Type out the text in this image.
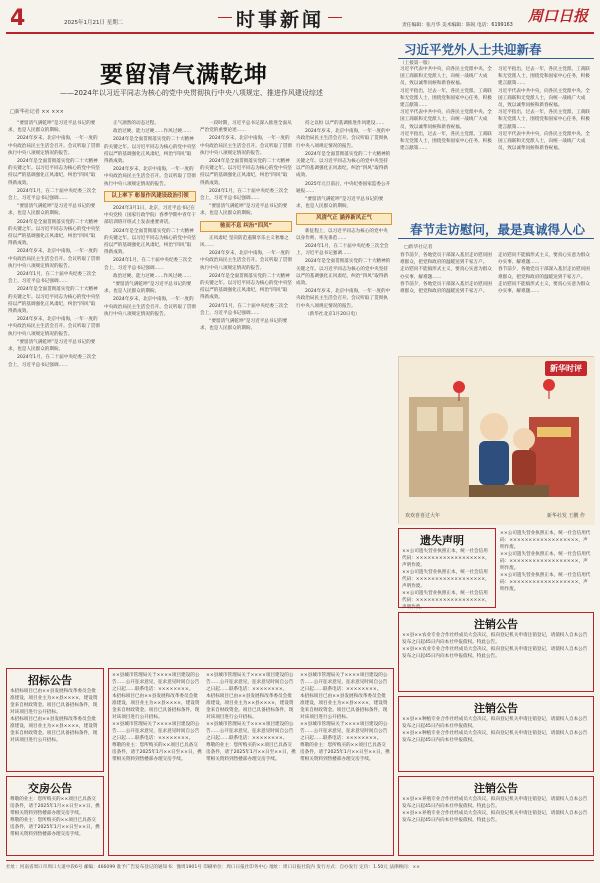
4	2025年1月21日 星期二	时事新闻	责任编辑：张月华 美术编辑：陈锐 电话：6199163
周口日报
要留清气满乾坤
——2024年以习近平同志为核心的党中央贯彻执行中央八项规定、推进作风建设综述
□新华社记者 ×× ×××

“要留清气满乾坤”是习近平总书记的要求，也是人民群众的期盼。

2024年岁末，北京中南海，一年一度的中央政治局民主生活会召开。会议听取了贯彻执行中央八项规定情况的报告。

2024年是全面贯彻落实党的二十大精神的关键之年。以习近平同志为核心的党中央坚持以严的基调强化正风肃纪，纠治“四风”取得新成效。

2024年1月，在二十届中央纪委三次全会上，习近平总书记强调……

“要留清气满乾坤”是习近平总书记的要求，也是人民群众的期盼。

2024年是全面贯彻落实党的二十大精神的关键之年。以习近平同志为核心的党中央坚持以严的基调强化正风肃纪，纠治“四风”取得新成效。

2024年岁末，北京中南海，一年一度的中央政治局民主生活会召开。会议听取了贯彻执行中央八项规定情况的报告。

2024年1月，在二十届中央纪委三次全会上，习近平总书记强调……

2024年是全面贯彻落实党的二十大精神的关键之年。以习近平同志为核心的党中央坚持以严的基调强化正风肃纪，纠治“四风”取得新成效。

2024年岁末，北京中南海，一年一度的中央政治局民主生活会召开。会议听取了贯彻执行中央八项规定情况的报告。

“要留清气满乾坤”是习近平总书记的要求，也是人民群众的期盼。

2024年1月，在二十届中央纪委三次全会上，习近平总书记强调……

正气凛然的动态过程。

政治过硬、能力过硬……作风过硬……

2024年是全面贯彻落实党的二十大精神的关键之年。以习近平同志为核心的党中央坚持以严的基调强化正风肃纪，纠治“四风”取得新成效。

2024年岁末，北京中南海，一年一度的中央政治局民主生活会召开。会议听取了贯彻执行中央八项规定情况的报告。

以上率下 彰显作风建设政治引领

2024年3月1日，北京，习近平总书记在中央党校（国家行政学院）春季学期中青年干部培训班开班式上发表重要讲话。

2024年是全面贯彻落实党的二十大精神的关键之年。以习近平同志为核心的党中央坚持以严的基调强化正风肃纪，纠治“四风”取得新成效。

2024年1月，在二十届中央纪委三次全会上，习近平总书记强调……

政治过硬、能力过硬……作风过硬……

“要留清气满乾坤”是习近平总书记的要求，也是人民群众的期盼。

2024年岁末，北京中南海，一年一度的中央政治局民主生活会召开。会议听取了贯彻执行中央八项规定情况的报告。

一段时期，习近平总书记深入推进全面从严治党的重要论述……

2024年岁末，北京中南海，一年一度的中央政治局民主生活会召开。会议听取了贯彻执行中央八项规定情况的报告。

2024年是全面贯彻落实党的二十大精神的关键之年。以习近平同志为核心的党中央坚持以严的基调强化正风肃纪，纠治“四风”取得新成效。

2024年1月，在二十届中央纪委三次全会上，习近平总书记强调……

“要留清气满乾坤”是习近平总书记的要求，也是人民群众的期盼。

驰而不息 纠治“四风”

正风肃纪 坚决防范遏制享乐主义奢靡之风……

2024年岁末，北京中南海，一年一度的中央政治局民主生活会召开。会议听取了贯彻执行中央八项规定情况的报告。

2024年是全面贯彻落实党的二十大精神的关键之年。以习近平同志为核心的党中央坚持以严的基调强化正风肃纪，纠治“四风”取得新成效。

2024年1月，在二十届中央纪委三次全会上，习近平总书记强调……

“要留清气满乾坤”是习近平总书记的要求，也是人民群众的期盼。

持之以恒 以严的基调推进作风建设……

2024年岁末，北京中南海，一年一度的中央政治局民主生活会召开。会议听取了贯彻执行中央八项规定情况的报告。

2024年是全面贯彻落实党的二十大精神的关键之年。以习近平同志为核心的党中央坚持以严的基调强化正风肃纪，纠治“四风”取得新成效。

2025年元旦前后，中央纪委国家监委公开通报……

“要留清气满乾坤”是习近平总书记的要求，也是人民群众的期盼。

风清气正 涵养新风正气

新征程上，以习近平同志为核心的党中央以身作则、率先垂范……

2024年1月，在二十届中央纪委三次全会上，习近平总书记强调……

2024年是全面贯彻落实党的二十大精神的关键之年。以习近平同志为核心的党中央坚持以严的基调强化正风肃纪，纠治“四风”取得新成效。

2024年岁末，北京中南海，一年一度的中央政治局民主生活会召开。会议听取了贯彻执行中央八项规定情况的报告。

（新华社北京1月20日电）

习近平党外人士共迎新春
（上接第一版）

习近平代表中共中央，向各民主党派中央、全国工商联和无党派人士，向统一战线广大成员，致以诚挚问候和新春祝福。

习近平指出，过去一年，各民主党派、工商联和无党派人士，围绕党和国家中心任务，积极建言献策……

习近平代表中共中央，向各民主党派中央、全国工商联和无党派人士，向统一战线广大成员，致以诚挚问候和新春祝福。

习近平指出，过去一年，各民主党派、工商联和无党派人士，围绕党和国家中心任务，积极建言献策……

习近平指出，过去一年，各民主党派、工商联和无党派人士，围绕党和国家中心任务，积极建言献策……

习近平代表中共中央，向各民主党派中央、全国工商联和无党派人士，向统一战线广大成员，致以诚挚问候和新春祝福。

习近平指出，过去一年，各民主党派、工商联和无党派人士，围绕党和国家中心任务，积极建言献策……

习近平代表中共中央，向各民主党派中央、全国工商联和无党派人士，向统一战线广大成员，致以诚挚问候和新春祝福。

春节走访慰问，最是真诚得人心
□新华社记者

春节前夕，各地党员干部深入基层走访慰问困难群众，把党和政府的温暖送到千家万户。

走访慰问不能搞形式主义，要真心实意为群众办实事、解难题……

春节前夕，各地党员干部深入基层走访慰问困难群众，把党和政府的温暖送到千家万户。

走访慰问不能搞形式主义，要真心实意为群众办实事、解难题……

春节前夕，各地党员干部深入基层走访慰问困难群众，把党和政府的温暖送到千家万户。

走访慰问不能搞形式主义，要真心实意为群众办实事、解难题……

新华时评
欢欢喜喜过大年	新华社发 王鹏 作
遗失声明

××公司遗失营业执照正本，统一社会信用代码：××××××××××××××××××，声明作废。

××公司遗失营业执照正本，统一社会信用代码：××××××××××××××××××，声明作废。

××公司遗失营业执照正本，统一社会信用代码：××××××××××××××××××，声明作废。

××公司遗失营业执照正本，统一社会信用代码：××××××××××××××××××，声明作废。

××公司遗失营业执照正本，统一社会信用代码：××××××××××××××××××，声明作废。

××公司遗失营业执照正本，统一社会信用代码：××××××××××××××××××，声明作废。

注销公告

××县××农业专业合作社经成员大会决议，拟向登记机关申请注销登记，请债权人自本公告发布之日起45日内向本社申报债权。特此公告。

××县××农业专业合作社经成员大会决议，拟向登记机关申请注销登记，请债权人自本公告发布之日起45日内向本社申报债权。特此公告。

注销公告

××县××种植专业合作社经成员大会决议，拟向登记机关申请注销登记，请债权人自本公告发布之日起45日内向本社申报债权。

××县××种植专业合作社经成员大会决议，拟向登记机关申请注销登记，请债权人自本公告发布之日起45日内向本社申报债权。

注销公告

××县××养殖专业合作社经成员大会决议，拟向登记机关申请注销登记，请债权人自本公告发布之日起45日内向本社申报债权。特此公告。

××县××养殖专业合作社经成员大会决议，拟向登记机关申请注销登记，请债权人自本公告发布之日起45日内向本社申报债权。特此公告。

招标公告

本招标项目已由××县发展和改革委员会批准建设，项目业主为××县××××，建设资金来自财政资金。项目已具备招标条件，现对该项目进行公开招标。

本招标项目已由××县发展和改革委员会批准建设，项目业主为××县××××，建设资金来自财政资金。项目已具备招标条件，现对该项目进行公开招标。

交房公告

尊敬的业主：您所购买的××项目已具备交房条件，请于2025年1月××日至××日，携带相关资料到售楼部办理交房手续。

尊敬的业主：您所购买的××项目已具备交房条件，请于2025年1月××日至××日，携带相关资料到售楼部办理交房手续。

××县城市管理局关于××××项目建设的公告……公开征求意见，征求意见时间自公告之日起……联系电话：××××××××。

本招标项目已由××县发展和改革委员会批准建设，项目业主为××县××××，建设资金来自财政资金。项目已具备招标条件，现对该项目进行公开招标。

××县城市管理局关于××××项目建设的公告……公开征求意见，征求意见时间自公告之日起……联系电话：××××××××。

尊敬的业主：您所购买的××项目已具备交房条件，请于2025年1月××日至××日，携带相关资料到售楼部办理交房手续。

××县城市管理局关于××××项目建设的公告……公开征求意见，征求意见时间自公告之日起……联系电话：××××××××。

本招标项目已由××县发展和改革委员会批准建设，项目业主为××县××××，建设资金来自财政资金。项目已具备招标条件，现对该项目进行公开招标。

××县城市管理局关于××××项目建设的公告……公开征求意见，征求意见时间自公告之日起……联系电话：××××××××。

尊敬的业主：您所购买的××项目已具备交房条件，请于2025年1月××日至××日，携带相关资料到售楼部办理交房手续。

××县城市管理局关于××××项目建设的公告……公开征求意见，征求意见时间自公告之日起……联系电话：××××××××。

本招标项目已由××县发展和改革委员会批准建设，项目业主为××县××××，建设资金来自财政资金。项目已具备招标条件，现对该项目进行公开招标。

××县城市管理局关于××××项目建设的公告……公开征求意见，征求意见时间自公告之日起……联系电话：××××××××。

尊敬的业主：您所购买的××项目已具备交房条件，请于2025年1月××日至××日，携带相关资料到售楼部办理交房手续。

社址：河南省周口市周口大道中段6号 邮编：466099 准予广告发布登记的通知书：豫周1901号 印刷单位：周口日报社印务中心 地址：周口日报社院内 发行方式：自办发行 定价：1.50元 法律顾问：××
